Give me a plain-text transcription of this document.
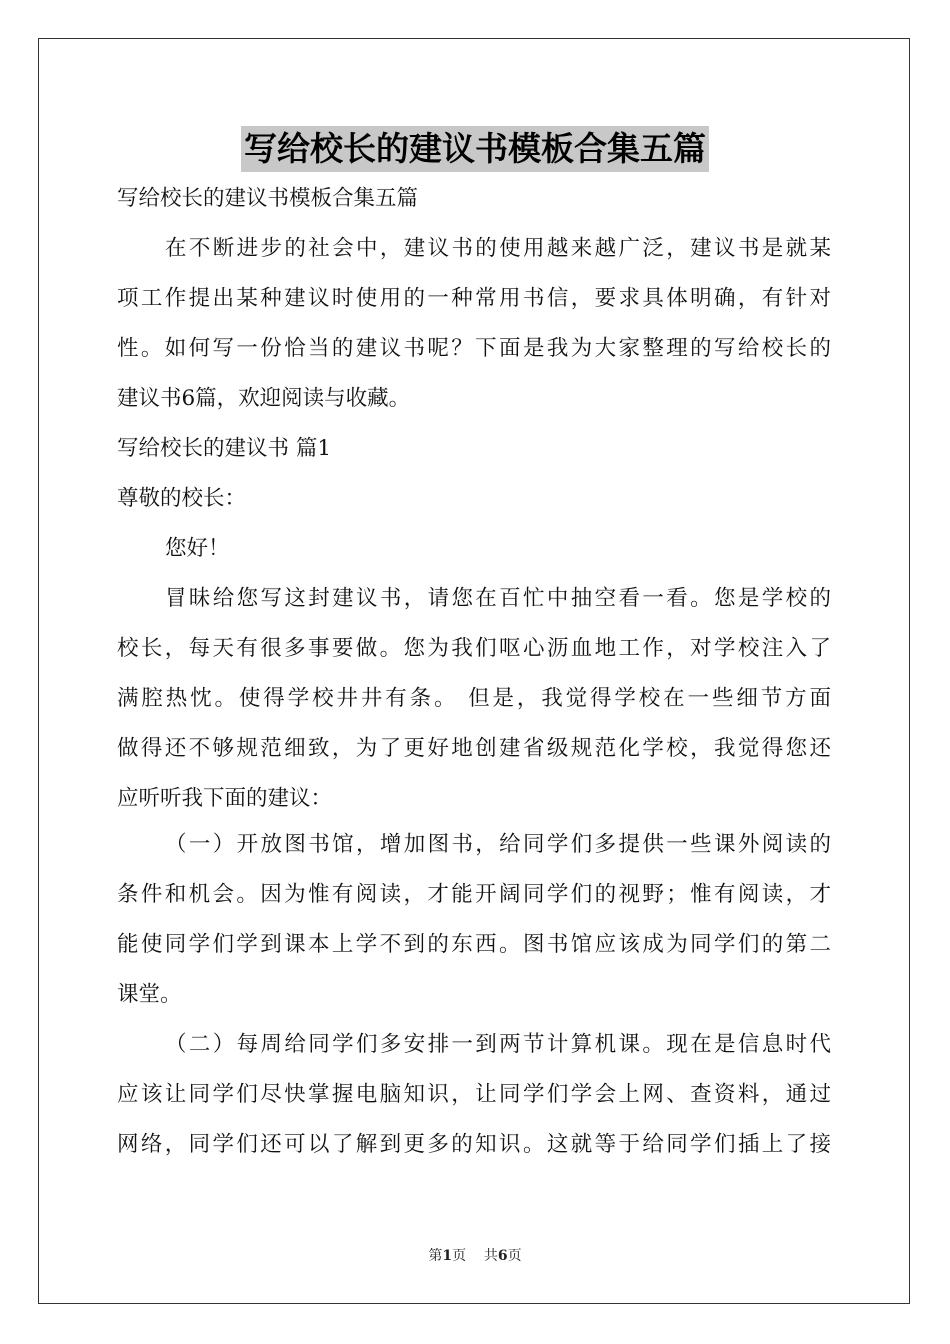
写给校长的建议书模板合集五篇
写给校长的建议书模板合集五篇
在不断进步的社会中，建议书的使用越来越广泛，建议书是就某
项工作提出某种建议时使用的一种常用书信，要求具体明确，有针对
性。如何写一份恰当的建议书呢？下面是我为大家整理的写给校长的
建议书6篇，欢迎阅读与收藏。
写给校长的建议书 篇1
尊敬的校长：
您好！
冒昧给您写这封建议书，请您在百忙中抽空看一看。您是学校的
校长，每天有很多事要做。您为我们呕心沥血地工作，对学校注入了
满腔热忱。使得学校井井有条。 但是，我觉得学校在一些细节方面
做得还不够规范细致，为了更好地创建省级规范化学校，我觉得您还
应听听我下面的建议：
（一）开放图书馆，增加图书，给同学们多提供一些课外阅读的
条件和机会。因为惟有阅读，才能开阔同学们的视野；惟有阅读，才
能使同学们学到课本上学不到的东西。图书馆应该成为同学们的第二
课堂。
（二）每周给同学们多安排一到两节计算机课。现在是信息时代
应该让同学们尽快掌握电脑知识，让同学们学会上网、查资料，通过
网络，同学们还可以了解到更多的知识。这就等于给同学们插上了接
第1页 共6页
